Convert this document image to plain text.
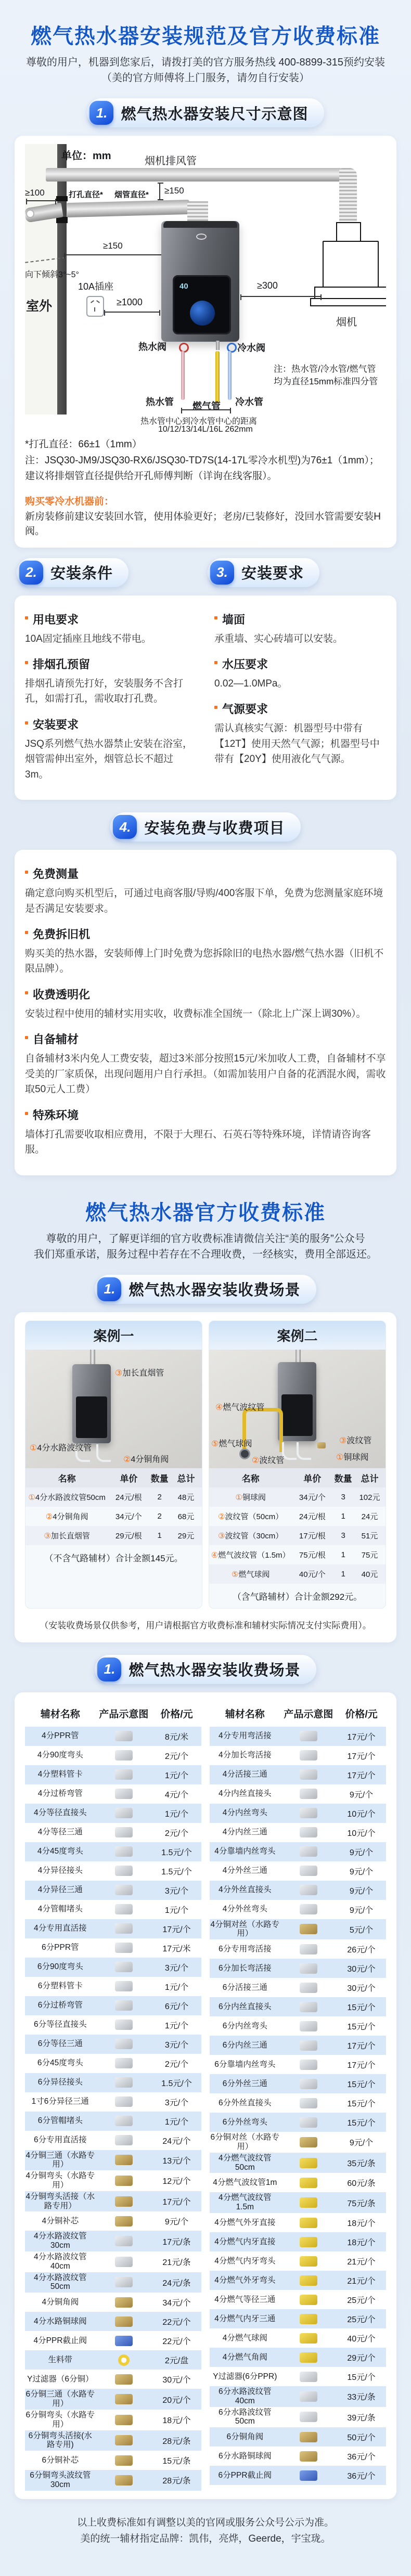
燃气热水器安装规范及官方收费标准
尊敬的用户，机器到您家后，请拨打美的官方服务热线 400-8899-315预约安装
（美的官方师傅将上门服务，请勿自行安装）
1. 燃气热水器安装尺寸示意图
单位：mm	烟机排风管
烟机
≥100	打孔直径* 烟管直径* ≥150
≥150
向下倾斜3°~5°
室外
40
10A插座
≥1000
≥300
热水阀	冷水阀
热水管 燃气管 冷水管
注：热水管/冷水管/燃气管
均为直径15mm标准四分管
热水管中心到冷水管中心的距离
10/12/13/14L/16L 262mm
*打孔直径：66±1（1mm）
注：JSQ30-JM9/JSQ30-RX6/JSQ30-TD7S(14-17L零冷水机型)为76±1（1mm）；
建议将排烟管直径提供给开孔师傅判断（详询在线客服）。
购买零冷水机器前：
新房装修前建议安装回水管，使用体验更好；老房/已装修好，没回水管需要安装H阀。
2. 安装条件	3. 安装要求
用电要求
10A固定插座且地线不带电。
排烟孔预留
排烟孔请预先打好，安装服务不含打孔，如需打孔，需收取打孔费。
安装要求
JSQ系列燃气热水器禁止安装在浴室，烟管需伸出室外，烟管总长不超过3m。
墙面
承重墙、实心砖墙可以安装。
水压要求
0.02—1.0MPa。
气源要求
需认真核实气源：机器型号中带有【12T】使用天然气气源；机器型号中带有【20Y】使用液化气气源。
4. 安装免费与收费项目
免费测量
确定意向购买机型后，可通过电商客服/导购/400客服下单，免费为您测量家庭环境是否满足安装要求。
免费拆旧机
购买美的热水器，安装师傅上门时免费为您拆除旧的电热水器/燃气热水器（旧机不限品牌）。
收费透明化
安装过程中使用的辅材实用实收，收费标准全国统一（除北上广深上调30%）。
自备辅材
自备辅材3米内免人工费安装，超过3米部分按照15元/米加收人工费，自备辅材不享受美的厂家质保，出现问题用户自行承担。（如需加装用户自备的花洒混水阀，需收取50元人工费）
特殊环境
墙体打孔需要收取相应费用，不限于大理石、石英石等特殊环境，详情请咨询客服。
燃气热水器官方收费标准
尊敬的用户，了解更详细的官方收费标准请微信关注“美的服务”公众号
我们郑重承诺，服务过程中若存在不合理收费，一经核实，费用全部返还。
1. 燃气热水器安装收费场景
案例一
③加长直烟管
①4分水路波纹管
②4分铜角阀
名称	单价	数量 总计
①4分水路波纹管50cm	24元/根	2	48元
②4分铜角阀	34元/个	2	68元
③加长直烟管	29元/根	1	29元
（不含气路辅材）合计金额145元。
案例二
④燃气波纹管
⑤燃气球阀
②波纹管
③波纹管
①铜球阀
名称	单价	数量 总计
①铜球阀	34元/个	3	102元
②波纹管（50cm）	24元/根	1	24元
③波纹管（30cm）	17元/根	3	51元
④燃气波纹管（1.5m）	75元/根	1	75元
⑤燃气球阀	40元/个	1	40元
（含气路辅材）合计金额292元。
（安装收费场景仅供参考，用户请根据官方收费标准和辅材实际情况支付实际费用）。
1. 燃气热水器安装收费场景
辅材名称	产品示意图	价格/元
4分PPR管	8元/米
4分90度弯头	2元/个
4分塑料管卡	1元/个
4分过桥弯管	4元/个
4分等径直接头	1元/个
4分等径三通	2元/个
4分45度弯头	1.5元/个
4分异径接头	1.5元/个
4分异径三通	3元/个
4分管帽堵头	1元/个
4分专用直活接	17元/个
6分PPR管	17元/米
6分90度弯头	3元/个
6分塑料管卡	1元/个
6分过桥弯管	6元/个
6分等径直接头	1元/个
6分等径三通	3元/个
6分45度弯头	2元/个
6分异径接头	1.5元/个
1寸6分异径三通	3元/个
6分管帽堵头	1元/个
6分专用直活接	24元/个
4分铜三通（水路专用）	13元/个
4分铜弯头（水路专用）	12元/个
4分铜弯头活接（水路专用）	17元/个
4分铜补芯	9元/个
4分水路波纹管30cm	17元/条
4分水路波纹管40cm	21元/条
4分水路波纹管50cm	24元/条
4分铜角阀	34元/个
4分水路铜球阀	22元/个
4分PPR截止阀	22元/个
生料带	2元/盘
Y过滤器（6分铜）	30元/个
6分铜三通（水路专用）	20元/个
6分铜弯头（水路专用）	18元/个
6分铜弯头活接(水路专用)	28元/条
6分铜补芯	15元/条
6分铜弯头波纹管30cm	28元/条
辅材名称	产品示意图	价格/元
4分专用弯活接	17元/个
4分加长弯活接	17元/个
4分活接三通	17元/个
4分内丝直接头	9元/个
4分内丝弯头	10元/个
4分内丝三通	10元/个
4分靠墙内丝弯头	9元/个
4分外丝三通	9元/个
4分外丝直接头	9元/个
4分外丝弯头	9元/个
4分铜对丝（水路专用）	5元/个
6分专用弯活接	26元/个
6分加长弯活接	30元/个
6分活接三通	30元/个
6分内丝直接头	15元/个
6分内丝弯头	15元/个
6分内丝三通	17元/个
6分靠墙内丝弯头	17元/个
6分外丝三通	15元/个
6分外丝直接头	15元/个
6分外丝弯头	15元/个
6分铜对丝（水路专用）	9元/个
4分燃气波纹管50cm	35元/条
4分燃气波纹管1m	60元/条
4分燃气波纹管1.5m	75元/条
4分燃气外牙直接	18元/个
4分燃气内牙直接	18元/个
4分燃气内牙弯头	21元/个
4分燃气外牙弯头	21元/个
4分燃气等径三通	25元/个
4分燃气内牙三通	25元/个
4分燃气球阀	40元/个
4分燃气角阀	29元/个
Y过滤器(6分PPR)	15元/个
6分水路波纹管40cm	33元/条
6分水路波纹管50cm	39元/条
6分铜角阀	50元/个
6分水路铜球阀	36元/个
6分PPR截止阀	36元/个
以上收费标准如有调整以美的官网或服务公众号公示为准。
美的统一辅材指定品牌：凯伟，亮烨，Geerde，宇宝珑。
